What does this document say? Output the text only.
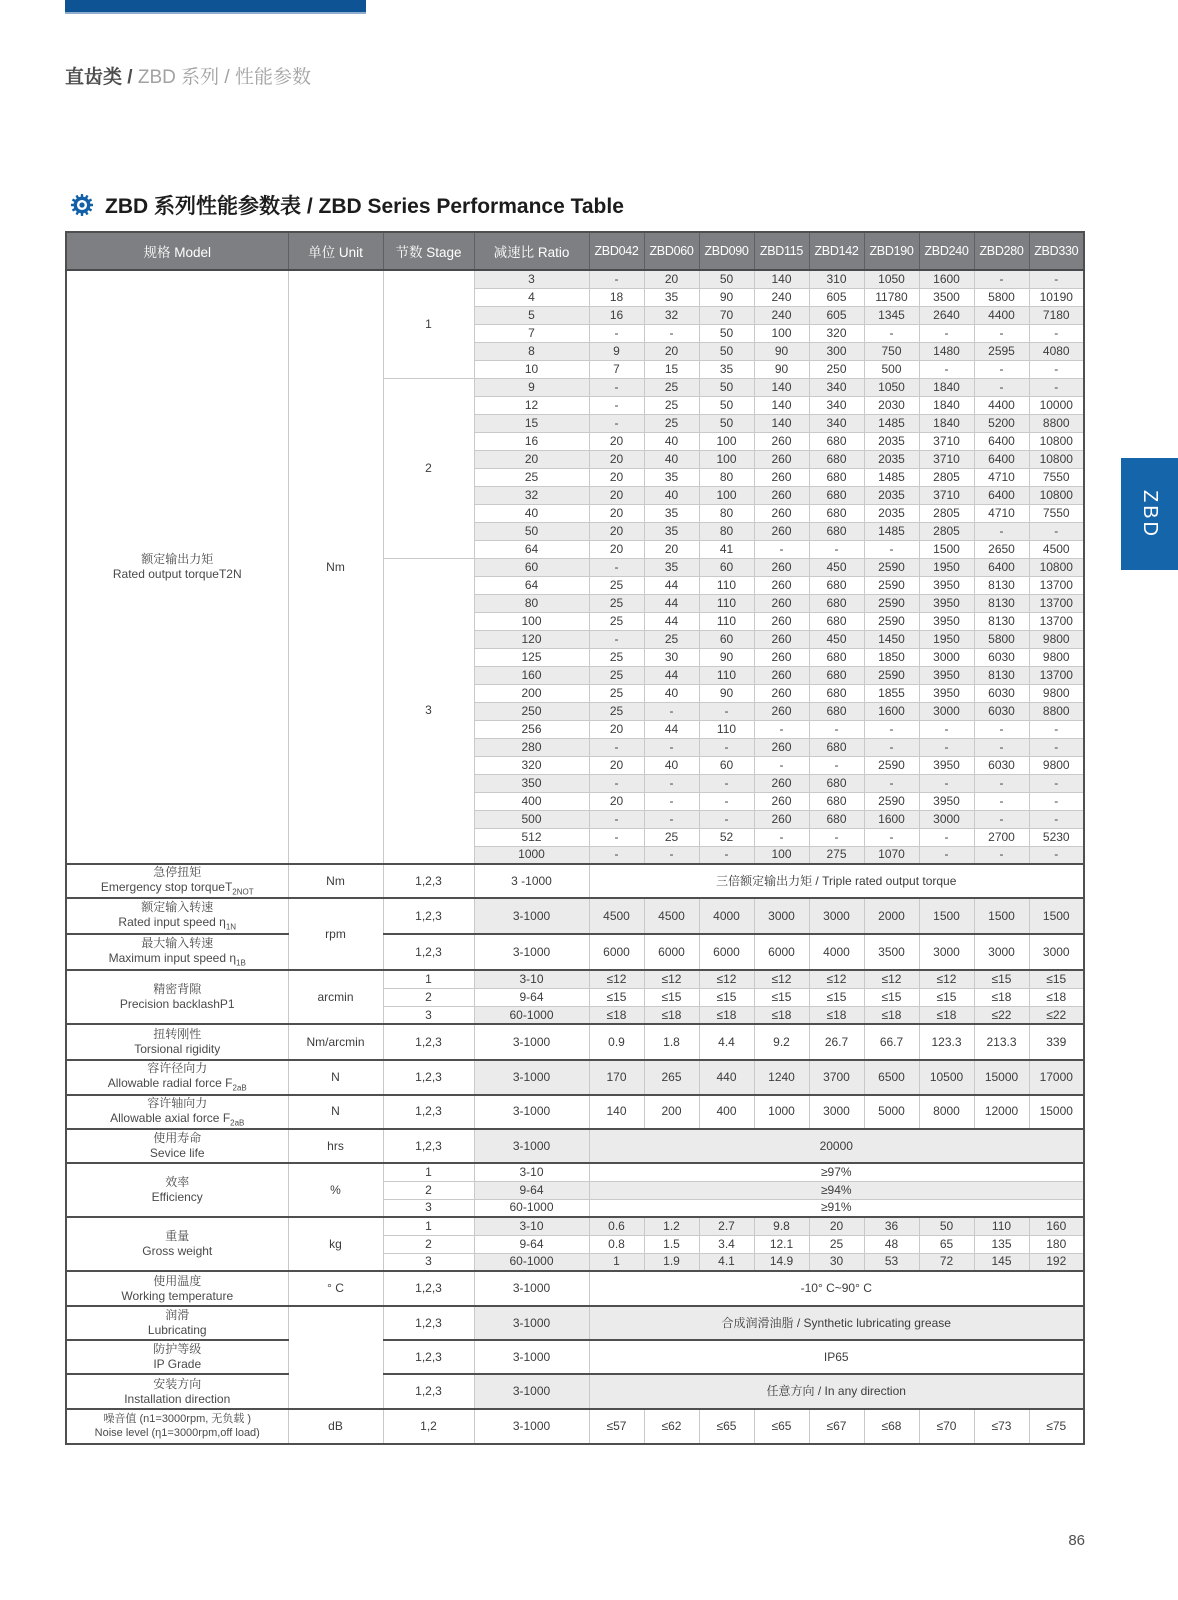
直齿类 / ZBD 系列 / 性能参数
ZBD 系列性能参数表 / ZBD Series Performance Table
规格 Model	单位 Unit	节数 Stage	减速比 Ratio	ZBD042	ZBD060	ZBD090	ZBD115	ZBD142	ZBD190	ZBD240	ZBD280	ZBD330

额定输出力矩
Rated output torqueT2N	Nm	1	3	-	20	50	140	310	1050	1600	-	-
			4	18	35	90	240	605	11780	3500	5800	10190
			5	16	32	70	240	605	1345	2640	4400	7180
			7	-	-	50	100	320	-	-	-	-
			8	9	20	50	90	300	750	1480	2595	4080
			10	7	15	35	90	250	500	-	-	-
		2	9	-	25	50	140	340	1050	1840	-	-
			12	-	25	50	140	340	2030	1840	4400	10000
			15	-	25	50	140	340	1485	1840	5200	8800
			16	20	40	100	260	680	2035	3710	6400	10800
			20	20	40	100	260	680	2035	3710	6400	10800
			25	20	35	80	260	680	1485	2805	4710	7550
			32	20	40	100	260	680	2035	3710	6400	10800
			40	20	35	80	260	680	2035	2805	4710	7550
			50	20	35	80	260	680	1485	2805	-	-
			64	20	20	41	-	-	-	1500	2650	4500
		3	60	-	35	60	260	450	2590	1950	6400	10800
			64	25	44	110	260	680	2590	3950	8130	13700
			80	25	44	110	260	680	2590	3950	8130	13700
			100	25	44	110	260	680	2590	3950	8130	13700
			120	-	25	60	260	450	1450	1950	5800	9800
			125	25	30	90	260	680	1850	3000	6030	9800
			160	25	44	110	260	680	2590	3950	8130	13700
			200	25	40	90	260	680	1855	3950	6030	9800
			250	25	-	-	260	680	1600	3000	6030	8800
			256	20	44	110	-	-	-	-	-	-
			280	-	-	-	260	680	-	-	-	-
			320	20	40	60	-	-	2590	3950	6030	9800
			350	-	-	-	260	680	-	-	-	-
			400	20	-	-	260	680	2590	3950	-	-
			500	-	-	-	260	680	1600	3000	-	-
			512	-	25	52	-	-	-	-	2700	5230
			1000	-	-	-	100	275	1070	-	-	-

急停扭矩
Emergency stop torqueT$_{2NOT}$	Nm	1,2,3	3 -1000	三倍额定输出力矩 / Triple rated output torque								

额定输入转速
Rated input speed $\eta_{1N}$	rpm	1,2,3	3-1000	4500	4500	4000	3000	3000	2000	1500	1500	1500

最大输入转速
Maximum input speed $\eta_{1B}$		1,2,3	3-1000	6000	6000	6000	6000	4000	3500	3000	3000	3000

精密背隙
Precision backlashP1	arcmin	1	3-10	≤12	≤12	≤12	≤12	≤12	≤12	≤12	≤15	≤15
		2	9-64	≤15	≤15	≤15	≤15	≤15	≤15	≤15	≤18	≤18
		3	60-1000	≤18	≤18	≤18	≤18	≤18	≤18	≤18	≤22	≤22

扭转刚性
Torsional rigidity	Nm/arcmin	1,2,3	3-1000	0.9	1.8	4.4	9.2	26.7	66.7	123.3	213.3	339

容许径向力
Allowable radial force $F_{2aB}$	N	1,2,3	3-1000	170	265	440	1240	3700	6500	10500	15000	17000

容许轴向力
Allowable axial force $F_{2aB}$	N	1,2,3	3-1000	140	200	400	1000	3000	5000	8000	12000	15000

使用寿命
Sevice life	hrs	1,2,3	3-1000	20000								

效率
Efficiency	%	1	3-10	≥97%								
		2	9-64	≥94%								
		3	60-1000	≥91%								

重量
Gross weight	kg	1	3-10	0.6	1.2	2.7	9.8	20	36	50	110	160
		2	9-64	0.8	1.5	3.4	12.1	25	48	65	135	180
		3	60-1000	1	1.9	4.1	14.9	30	53	72	145	192

使用温度
Working temperature	° C	1,2,3	3-1000	-10° C~90° C								

润滑
Lubricating		1,2,3	3-1000	合成润滑油脂 / Synthetic lubricating grease								

防护等级
IP Grade		1,2,3	3-1000	IP65								

安装方向
Installation direction		1,2,3	3-1000	任意方向 / In any direction								

噪音值 (n1=3000rpm, 无负载 )
Noise level (η1=3000rpm,off load)	dB	1,2	3-1000	≤57	≤62	≤65	≤65	≤67	≤68	≤70	≤73	≤75
ZBD
86
